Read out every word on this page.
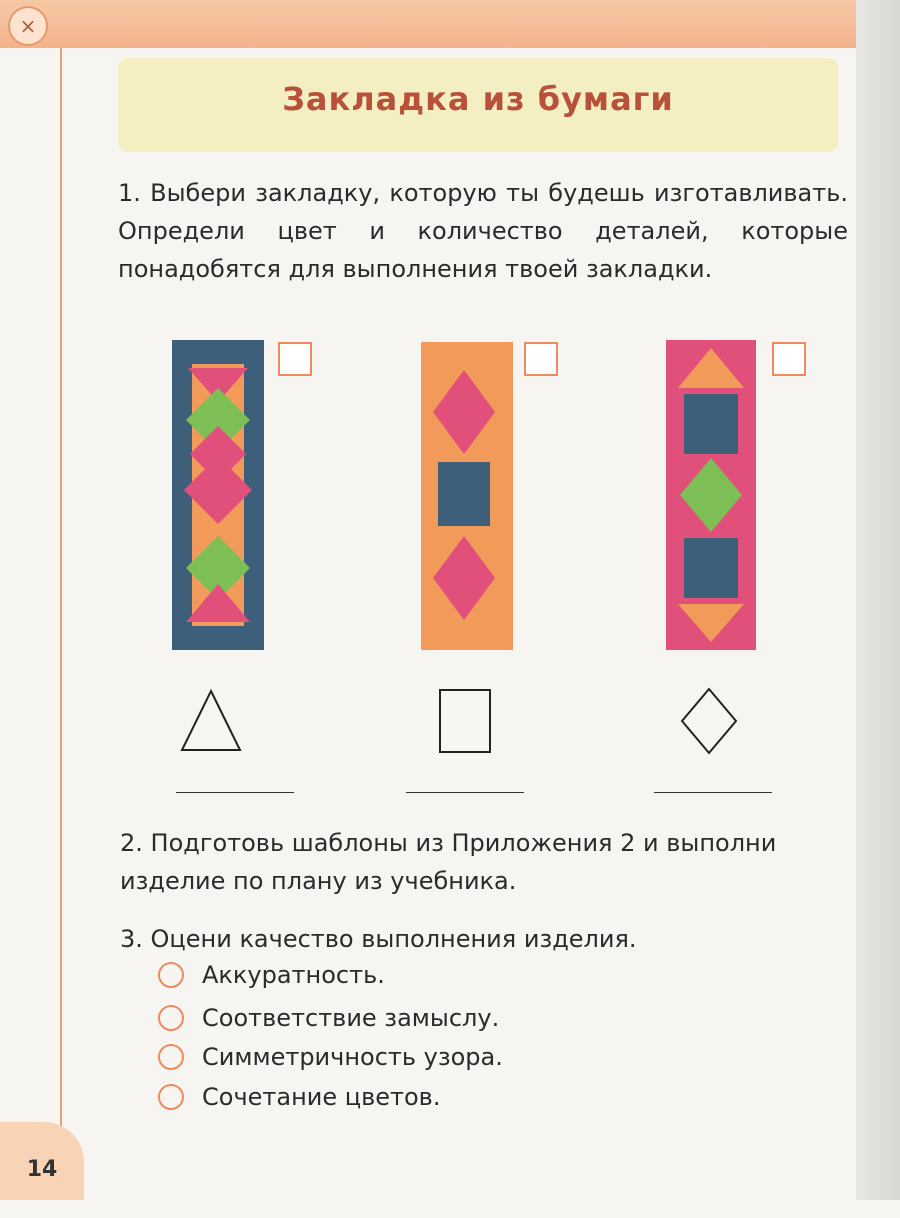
×
Закладка из бумаги
1. Выбери закладку, которую ты будешь изготавливать. Определи цвет и количество деталей, которые понадобятся для выполнения твоей закладки.
2. Подготовь шаблоны из Приложения 2 и выполни изделие по плану из учебника.
3. Оцени качество выполнения изделия.
Аккуратность.
Соответствие замыслу.
Симметричность узора.
Сочетание цветов.
14
